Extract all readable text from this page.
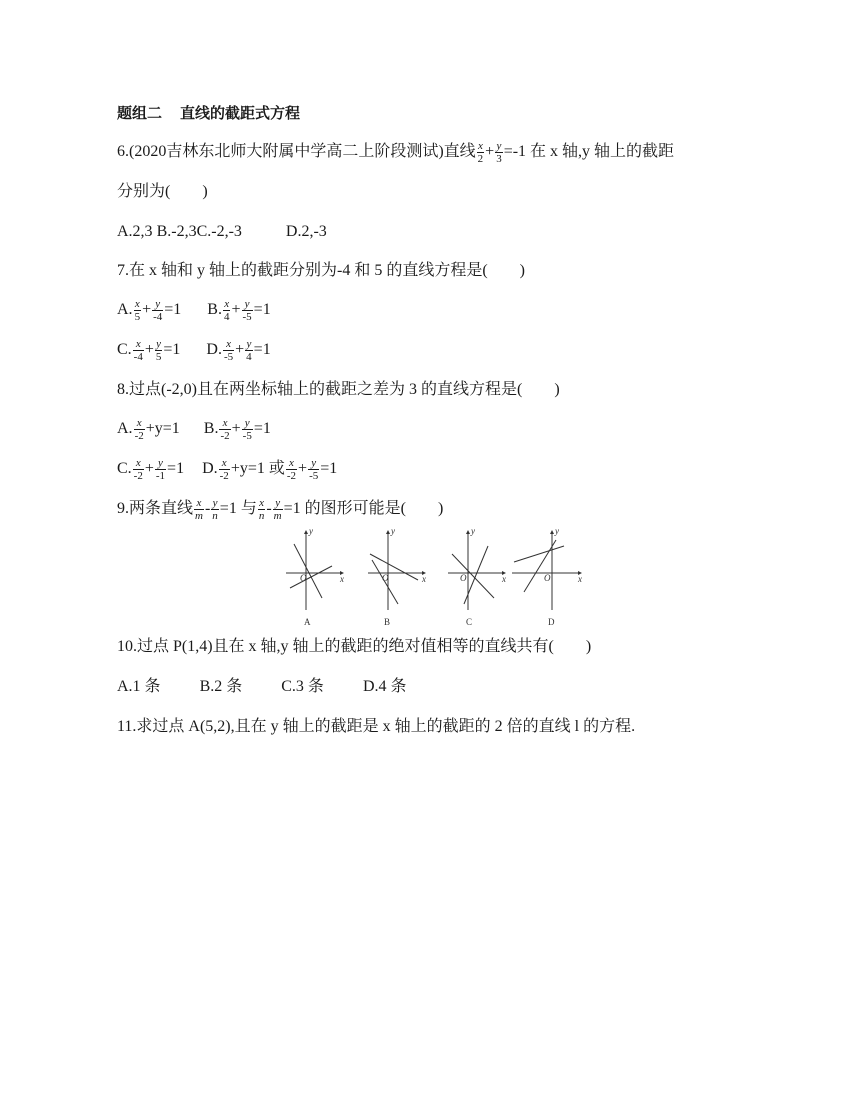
题组二 直线的截距式方程
6.(2020吉林东北师大附属中学高二上阶段测试)直线 $\frac{x}{2} + \frac{y}{3} =-1$ 在 x 轴,y 轴上的截距
分别为(　　)
A.2,3 B.-2,3C.-2,-3	D.2,-3
7.在 x 轴和 y 轴上的截距分别为-4 和 5 的直线方程是(　　)
A. $\frac{x}{5} + \frac{y}{-4} =1$ B. $\frac{x}{4} + \frac{y}{-5} =1$
C. $\frac{x}{-4} + \frac{y}{5} =1$ D. $\frac{x}{-5} + \frac{y}{4} =1$
8.过点(-2,0)且在两坐标轴上的截距之差为 3 的直线方程是(　　)
A. $\frac{x}{-2} +y=1$ B. $\frac{x}{-2} + \frac{y}{-5} =1$
C. $\frac{x}{-2} + \frac{y}{-1} =1$ D. $\frac{x}{-2} +y=1$ 或 $\frac{x}{-2} + \frac{y}{-5} =1$
9.两条直线 $\frac{x}{m} - \frac{y}{n} =1$ 与 $\frac{x}{n} - \frac{y}{m} =1$ 的图形可能是(　　)
O	x
y
O	x
y
O	x
y
O	x
y
A	B	C	D
10.过点 P(1,4)且在 x 轴,y 轴上的截距的绝对值相等的直线共有(　　)
A.1 条 B.2 条 C.3 条 D.4 条
11.求过点 A(5,2),且在 y 轴上的截距是 x 轴上的截距的 2 倍的直线 l 的方程.
